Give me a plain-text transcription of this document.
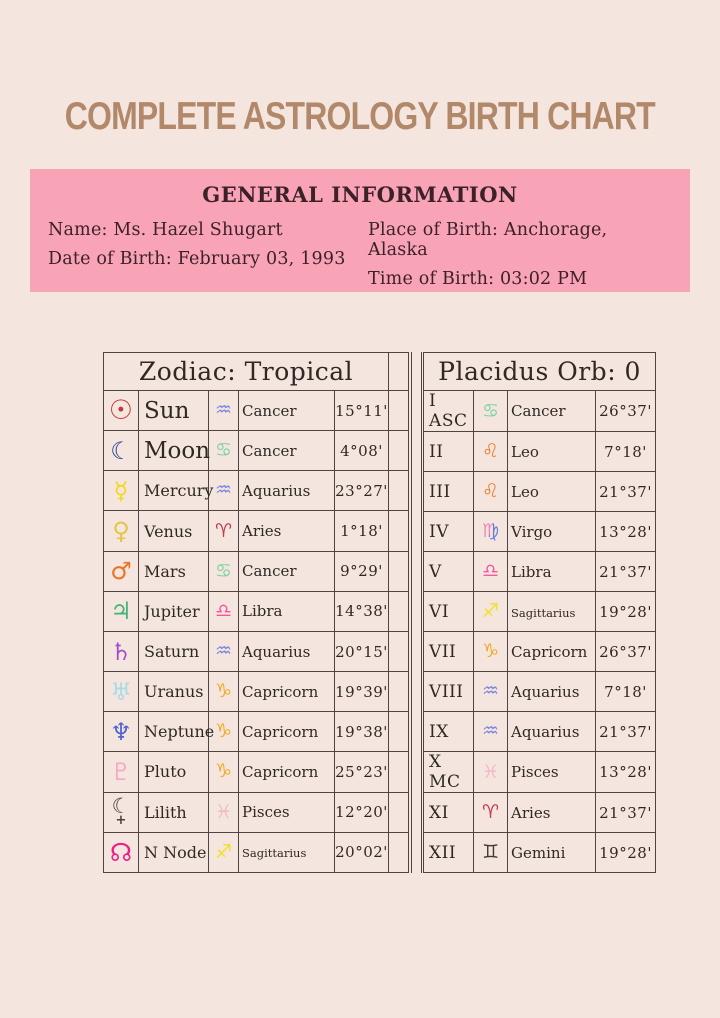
COMPLETE ASTROLOGY BIRTH CHART
GENERAL INFORMATION

Name: Ms. Hazel Shugart

Date of Birth: February 03, 1993

Place of Birth: Anchorage, Alaska

Time of Birth: 03:02 PM

Zodiac: Tropical					
☉	Sun	♒	Cancer	15°11'	
☾	Moon	♋	Cancer	4°08'	
☿	Mercury	♒	Aquarius	23°27'	
♀	Venus	♈	Aries	1°18'	
♂	Mars	♋	Cancer	9°29'	
♃	Jupiter	♎	Libra	14°38'	
♄	Saturn	♒	Aquarius	20°15'	
♅	Uranus	♑	Capricorn	19°39'	
♆	Neptune	♑	Capricorn	19°38'	
♇	Pluto	♑	Capricorn	25°23'	
☾ +	Lilith	♓	Pisces	12°20'	
☊	N Node	♐	Sagittarius	20°02'	
Placidus Orb: 0			
I ASC	♋	Cancer	26°37'
II	♌	Leo	7°18'
III	♌	Leo	21°37'
IV	♍	Virgo	13°28'
V	♎	Libra	21°37'
VI	♐	Sagittarius	19°28'
VII	♑	Capricorn	26°37'
VIII	♒	Aquarius	7°18'
IX	♒	Aquarius	21°37'
X MC	♓	Pisces	13°28'
XI	♈	Aries	21°37'
XII	♊	Gemini	19°28'
